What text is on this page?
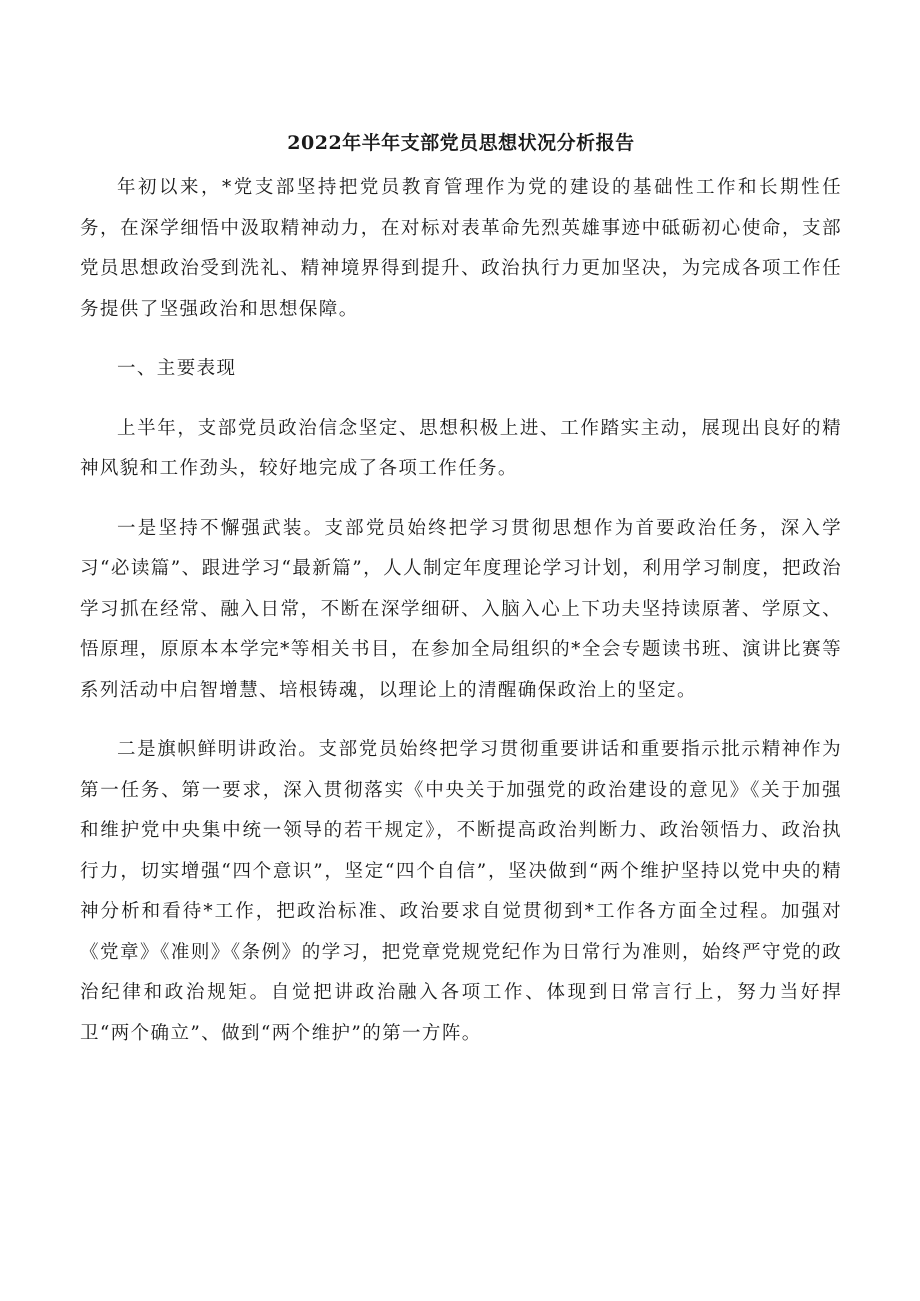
2022年半年支部党员思想状况分析报告

年初以来，*党支部坚持把党员教育管理作为党的建设的基础性工作和长期性任务，在深学细悟中汲取精神动力，在对标对表革命先烈英雄事迹中砥砺初心使命，支部党员思想政治受到洗礼、精神境界得到提升、政治执行力更加坚决，为完成各项工作任务提供了坚强政治和思想保障。

一、主要表现

上半年，支部党员政治信念坚定、思想积极上进、工作踏实主动，展现出良好的精神风貌和工作劲头，较好地完成了各项工作任务。

一是坚持不懈强武装。支部党员始终把学习贯彻思想作为首要政治任务，深入学习“必读篇”、跟进学习“最新篇”，人人制定年度理论学习计划，利用学习制度，把政治学习抓在经常、融入日常，不断在深学细研、入脑入心上下功夫坚持读原著、学原文、悟原理，原原本本学完*等相关书目，在参加全局组织的*全会专题读书班、演讲比赛等系列活动中启智增慧、培根铸魂，以理论上的清醒确保政治上的坚定。

二是旗帜鲜明讲政治。支部党员始终把学习贯彻重要讲话和重要指示批示精神作为第一任务、第一要求，深入贯彻落实《中央关于加强党的政治建设的意见》《关于加强和维护党中央集中统一领导的若干规定》，不断提高政治判断力、政治领悟力、政治执行力，切实增强“四个意识”，坚定“四个自信”，坚决做到“两个维护坚持以党中央的精神分析和看待*工作，把政治标准、政治要求自觉贯彻到*工作各方面全过程。加强对《党章》《准则》《条例》的学习，把党章党规党纪作为日常行为准则，始终严守党的政治纪律和政治规矩。自觉把讲政治融入各项工作、体现到日常言行上，努力当好捍卫“两个确立”、做到“两个维护”的第一方阵。
